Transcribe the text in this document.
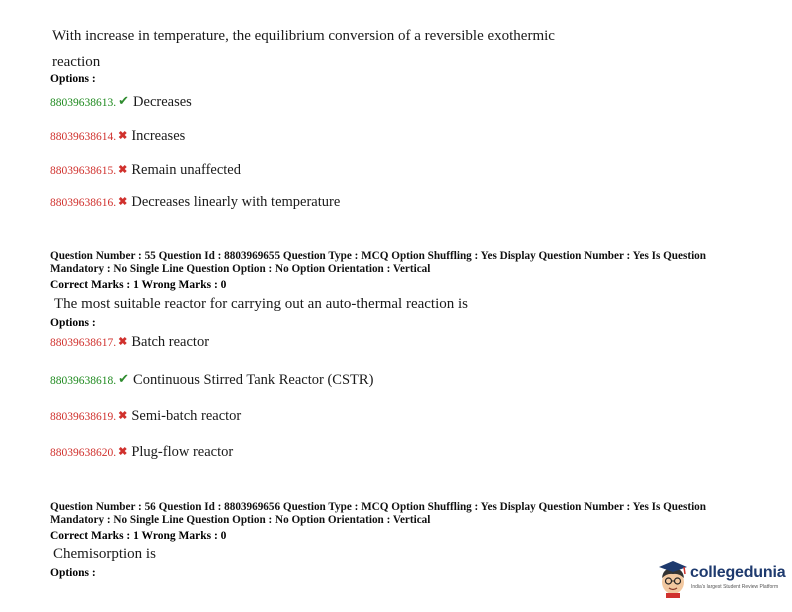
With increase in temperature, the equilibrium conversion of a reversible exothermic
reaction
Options :
88039638613. ✔ Decreases
88039638614. ✖ Increases
88039638615. ✖ Remain unaffected
88039638616. ✖ Decreases linearly with temperature
Question Number : 55 Question Id : 8803969655 Question Type : MCQ Option Shuffling : Yes Display Question Number : Yes Is Question
Mandatory : No Single Line Question Option : No Option Orientation : Vertical
Correct Marks : 1 Wrong Marks : 0
The most suitable reactor for carrying out an auto-thermal reaction is
Options :
88039638617. ✖ Batch reactor
88039638618. ✔ Continuous Stirred Tank Reactor (CSTR)
88039638619. ✖ Semi-batch reactor
88039638620. ✖ Plug-flow reactor
Question Number : 56 Question Id : 8803969656 Question Type : MCQ Option Shuffling : Yes Display Question Number : Yes Is Question
Mandatory : No Single Line Question Option : No Option Orientation : Vertical
Correct Marks : 1 Wrong Marks : 0
Chemisorption is
Options :	collegedunia
India's largest Student Review Platform
